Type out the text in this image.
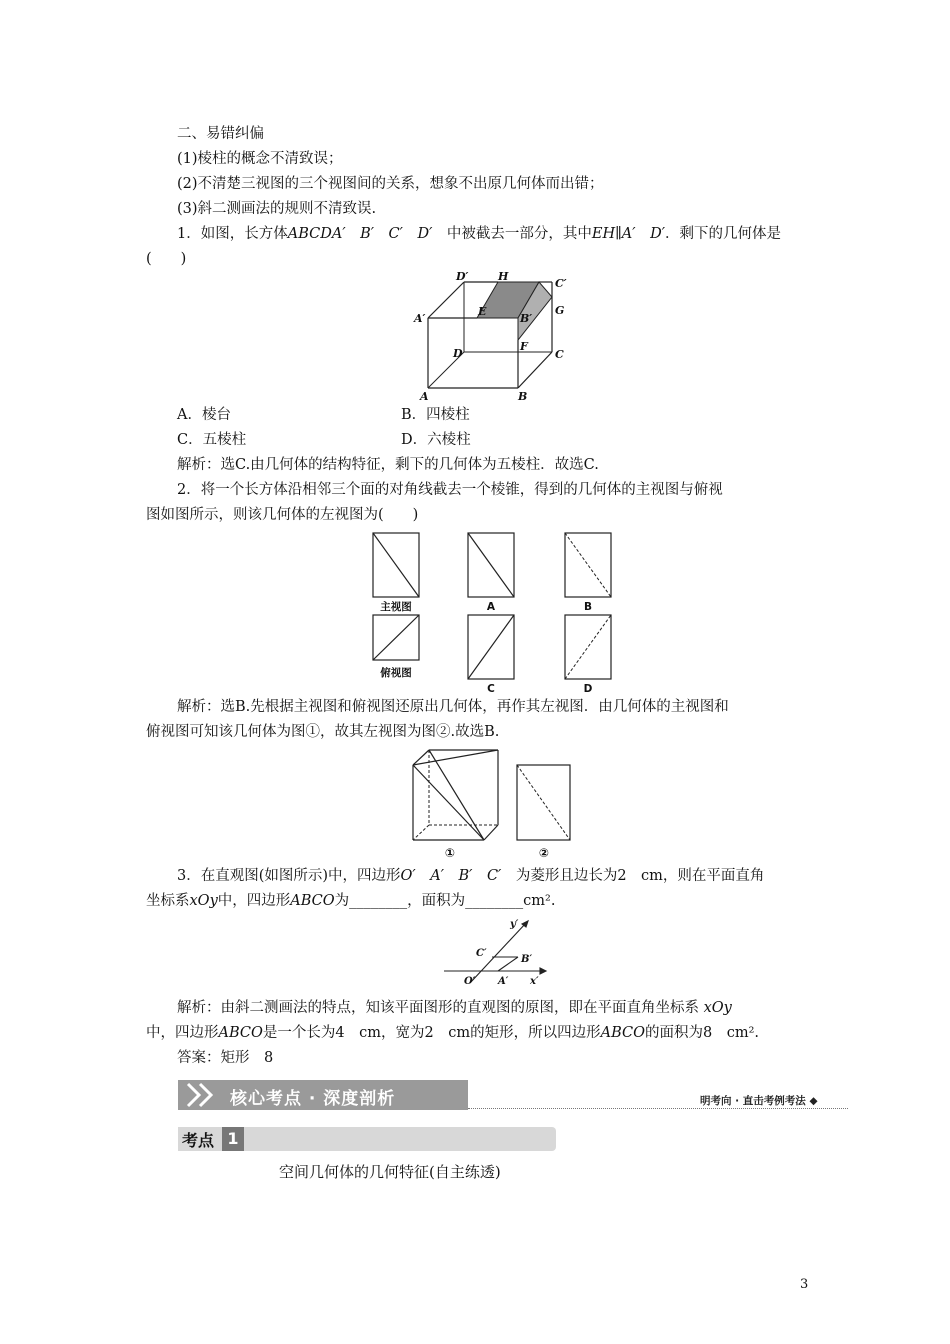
二、易错纠偏
(1)棱柱的概念不清致误；
(2)不清楚三视图的三个视图间的关系，想象不出原几何体而出错；
(3)斜二测画法的规则不清致误.
1．如图，长方体ABCDA′　B′　C′　D′　 中被截去一部分，其中EH∥A′　D′．剩下的几何体是
(　　)
D′	H
C′
A′
E	G
B′
D
F
C
A	B
A．棱台	B．四棱柱
C．五棱柱	D．六棱柱
解析：选C.由几何体的结构特征，剩下的几何体为五棱柱．故选C.
2．将一个长方体沿相邻三个面的对角线截去一个棱锥，得到的几何体的主视图与俯视
图如图所示，则该几何体的左视图为(　　)
主视图	A	B
俯视图
C	D
解析：选B.先根据主视图和俯视图还原出几何体，再作其左视图．由几何体的主视图和
俯视图可知该几何体为图①，故其左视图为图②.故选B.
①	②
3．在直观图(如图所示)中，四边形O′　A′　B′　C′　 为菱形且边长为2　cm，则在平面直角
坐标系xOy中，四边形ABCO为________，面积为________cm².
y′
C′
B′
O′ A′ x′
解析：由斜二测画法的特点，知该平面图形的直观图的原图，即在平面直角坐标系 xOy
中，四边形ABCO是一个长为4　cm，宽为2　cm的矩形，所以四边形ABCO的面积为8　cm².
答案：矩形　8
核心考点 · 深度剖析	明考向 · 直击考例考法 ◆
考点 1
空间几何体的几何特征(自主练透)
3
